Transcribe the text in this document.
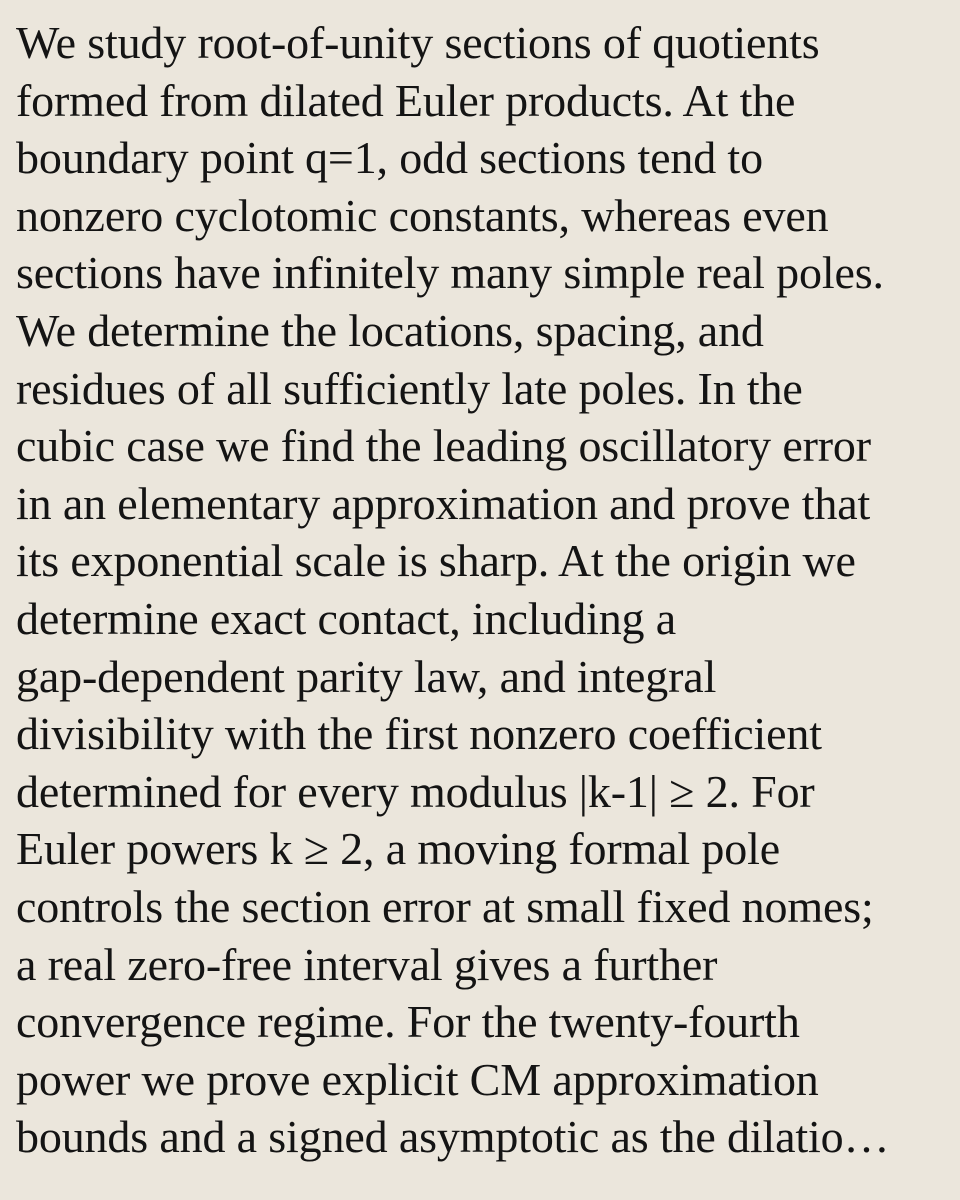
We study root-of-unity sections of quotients
formed from dilated Euler products. At the
boundary point q=1, odd sections tend to
nonzero cyclotomic constants, whereas even
sections have infinitely many simple real poles.
We determine the locations, spacing, and
residues of all sufficiently late poles. In the
cubic case we find the leading oscillatory error
in an elementary approximation and prove that
its exponential scale is sharp. At the origin we
determine exact contact, including a
gap-dependent parity law, and integral
divisibility with the first nonzero coefficient
determined for every modulus |k-1| ≥ 2. For
Euler powers k ≥ 2, a moving formal pole
controls the section error at small fixed nomes;
a real zero-free interval gives a further
convergence regime. For the twenty-fourth
power we prove explicit CM approximation
bounds and a signed asymptotic as the dilatio…
